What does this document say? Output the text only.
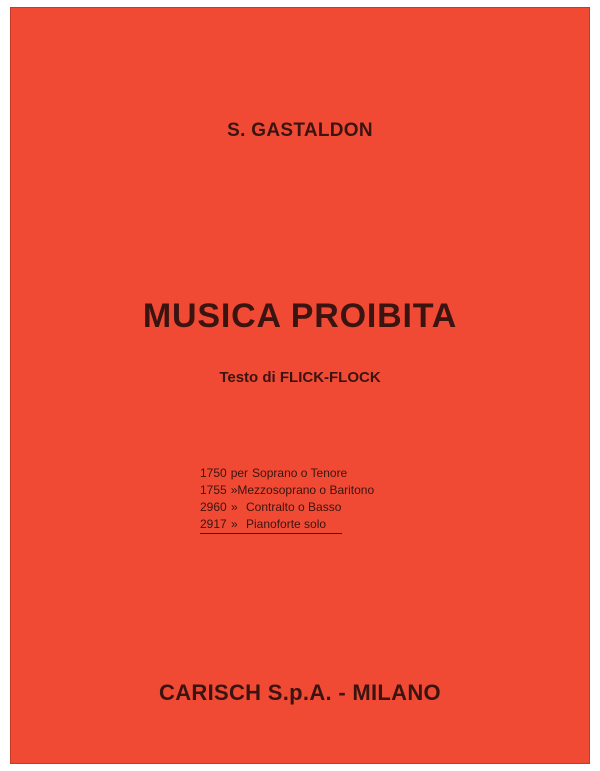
S. GASTALDON
MUSICA PROIBITA
Testo di FLICK-FLOCK
1750 per Soprano o Tenore
1755 » Mezzosoprano o Baritono
2960 » Contralto o Basso
2917 » Pianoforte solo
CARISCH S.p.A. - MILANO
